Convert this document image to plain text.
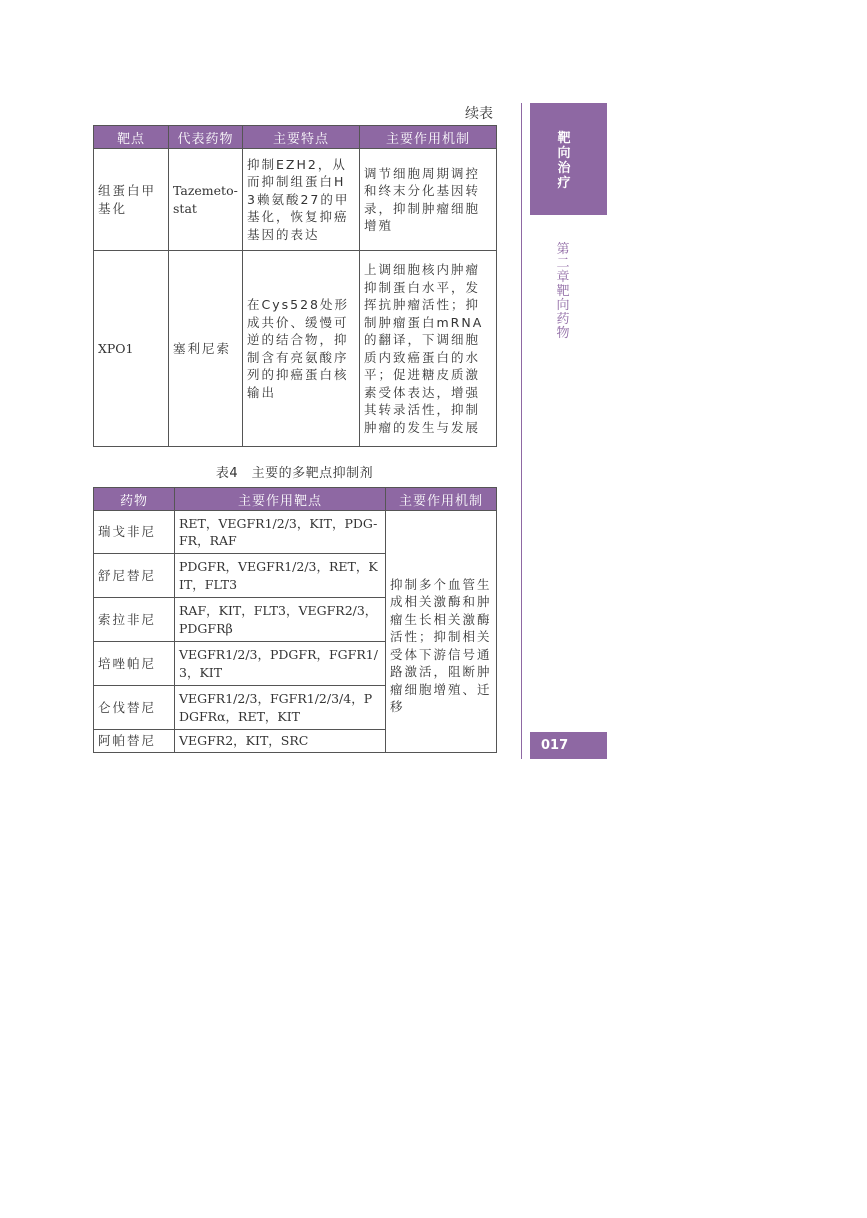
续表
靶点	代表药物	主要特点	主要作用机制
组蛋白甲基化	Tazemeto-stat	抑制EZH2，从而抑制组蛋白H3赖氨酸27的甲基化，恢复抑癌基因的表达	调节细胞周期调控和终末分化基因转录，抑制肿瘤细胞增殖
XPO1	塞利尼索	在Cys528处形成共价、缓慢可逆的结合物，抑制含有亮氨酸序列的抑癌蛋白核输出	上调细胞核内肿瘤抑制蛋白水平，发挥抗肿瘤活性；抑制肿瘤蛋白mRNA的翻译，下调细胞质内致癌蛋白的水平；促进糖皮质激素受体表达，增强其转录活性，抑制肿瘤的发生与发展
表4　主要的多靶点抑制剂
药物	主要作用靶点	主要作用机制
瑞戈非尼	RET，VEGFR1/2/3，KIT，PDG-FR，RAF	抑制多个血管生成相关激酶和肿瘤生长相关激酶活性；抑制相关受体下游信号通路激活，阻断肿瘤细胞增殖、迁移
舒尼替尼	PDGFR，VEGFR1/2/3，RET，KIT，FLT3	
索拉非尼	RAF，KIT，FLT3，VEGFR2/3，PDGFRβ	
培唑帕尼	VEGFR1/2/3，PDGFR，FGFR1/3，KIT	
仑伐替尼	VEGFR1/2/3，FGFR1/2/3/4，PDGFRα，RET，KIT	
阿帕替尼	VEGFR2，KIT，SRC	
靶向治疗
第二章　靶向药物
017
